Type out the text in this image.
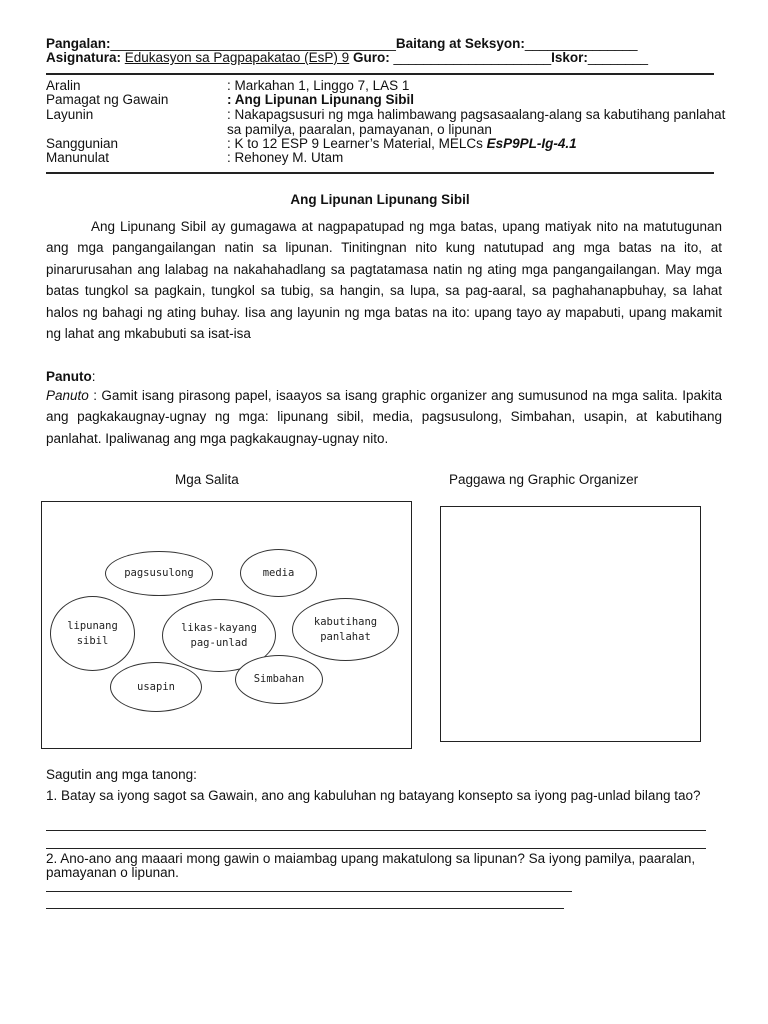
Pangalan:______________________________________Baitang at Seksyon:_______________
Asignatura: Edukasyon sa Pagpapakatao (EsP) 9 Guro: _____________________Iskor:________
Aralin	: Markahan 1, Linggo 7, LAS 1
Pamagat ng Gawain	: Ang Lipunan Lipunang Sibil
Layunin	: Nakapagsusuri ng mga halimbawang pagsasaalang-alang sa kabutihang panlahat sa pamilya, paaralan, pamayanan, o lipunan
Sanggunian	: K to 12 ESP 9 Learner’s Material, MELCs EsP9PL-Ig-4.1
Manunulat	: Rehoney M. Utam
Ang Lipunan Lipunang Sibil
Ang Lipunang Sibil ay gumagawa at nagpapatupad ng mga batas, upang matiyak nito na matutugunan ang mga pangangailangan natin sa lipunan. Tinitingnan nito kung natutupad ang mga batas na ito, at pinarurusahan ang lalabag na nakahahadlang sa pagtatamasa natin ng ating mga pangangailangan. May mga batas tungkol sa pagkain, tungkol sa tubig, sa hangin, sa lupa, sa pag-aaral, sa paghahanapbuhay, sa lahat halos ng bahagi ng ating buhay. Iisa ang layunin ng mga batas na ito: upang tayo ay mapabuti, upang makamit ng lahat ang mkabubuti sa isat-isa
Panuto:
Panuto : Gamit isang pirasong papel, isaayos sa isang graphic organizer ang sumusunod na mga salita. Ipakita ang pagkakaugnay-ugnay ng mga: lipunang sibil, media, pagsusulong, Simbahan, usapin, at kabutihang panlahat. Ipaliwanag ang mga pagkakaugnay-ugnay nito.
Mga Salita	Paggawa ng Graphic Organizer
pagsusulong	media
lipunang
sibil
likas-kayang
pag-unlad
kabutihang
panlahat
usapin
Simbahan
Sagutin ang mga tanong:
1. Batay sa iyong sagot sa Gawain, ano ang kabuluhan ng batayang konsepto sa iyong pag-unlad bilang tao?
2. Ano-ano ang maaari mong gawin o maiambag upang makatulong sa lipunan? Sa iyong pamilya, paaralan, pamayanan o lipunan.
